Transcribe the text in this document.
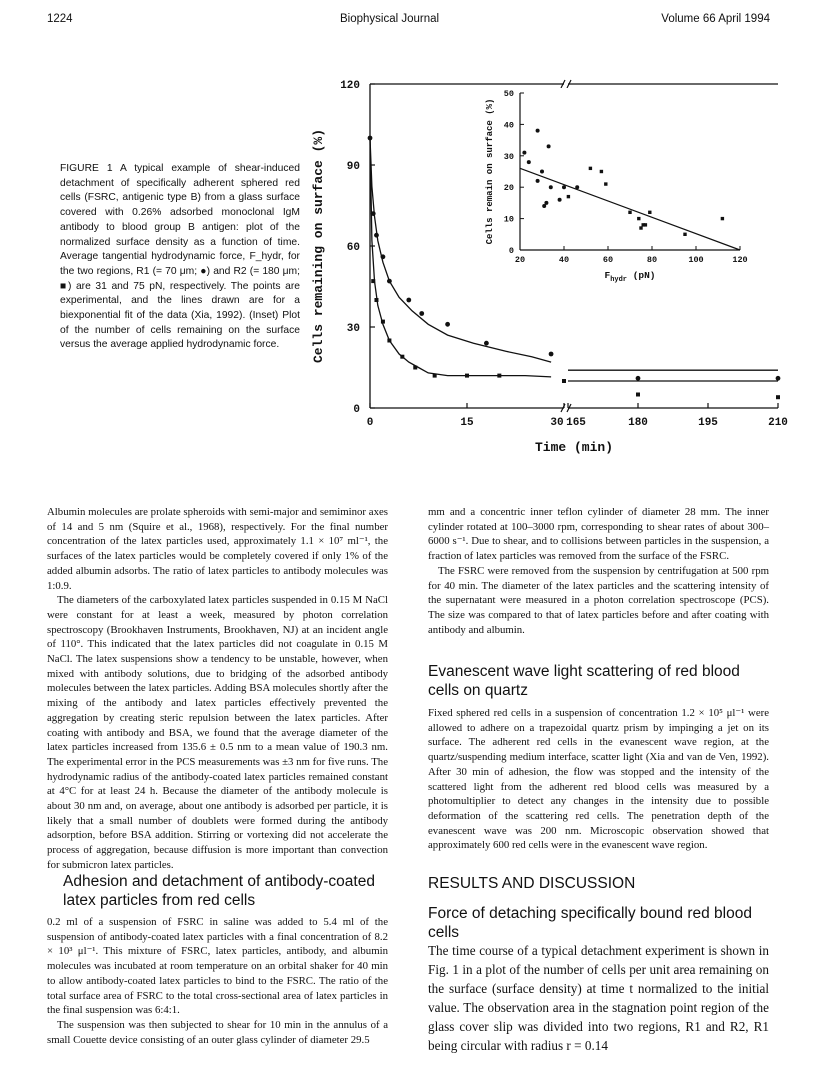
1224	Biophysical Journal	Volume 66 April 1994
FIGURE 1 A typical example of shear-induced detachment of specifically adherent sphered red cells (FSRC, antigenic type B) from a glass surface covered with 0.26% adsorbed monoclonal IgM antibody to blood group B antigen: plot of the normalized surface density as a function of time. Average tangential hydrodynamic force, F_hydr, for the two regions, R1 (= 70 μm; ●) and R2 (= 180 μm; ■) are 31 and 75 pN, respectively. The points are experimental, and the lines drawn are for a biexponential fit of the data (Xia, 1992). (Inset) Plot of the number of cells remaining on the surface versus the average applied hydrodynamic force.
0
30
60
90
120
0	15	30 165	180	195	210
Time (min)
Cells remaining on surface (%)	0
10
20
30
40
50
20	40	60	80	100	120
$F_{hydr}$ (pN)
Cells remain on surface (%)

Albumin molecules are prolate spheroids with semi-major and semiminor axes of 14 and 5 nm (Squire et al., 1968), respectively. For the final number concentration of the latex particles used, approximately 1.1 × 10⁷ ml⁻¹, the surfaces of the latex particles would be completely covered if only 1% of the added albumin adsorbs. The ratio of latex particles to antibody molecules was 1:0.9.

The diameters of the carboxylated latex particles suspended in 0.15 M NaCl were constant for at least a week, measured by photon correlation spectroscopy (Brookhaven Instruments, Brookhaven, NJ) at an incident angle of 110°. This indicated that the latex particles did not coagulate in 0.15 M NaCl. The latex suspensions show a tendency to be unstable, however, when mixed with antibody solutions, due to bridging of the adsorbed antibody molecules between the latex particles. Adding BSA molecules shortly after the mixing of the antibody and latex particles effectively prevented the aggregation by creating steric repulsion between the latex particles. After coating with antibody and BSA, we found that the average diameter of the latex particles increased from 135.6 ± 0.5 nm to a mean value of 190.3 nm. The experimental error in the PCS measurements was ±3 nm for five runs. The hydrodynamic radius of the antibody-coated latex particles remained constant at 4°C for at least 24 h. Because the diameter of the antibody molecule is about 30 nm and, on average, about one antibody is adsorbed per particle, it is likely that a small number of doublets were formed during the antibody adsorption, before BSA addition. Stirring or vortexing did not accelerate the process of aggregation, because diffusion is more important than convection for submicron latex particles.

Adhesion and detachment of antibody-coated latex particles from red cells

0.2 ml of a suspension of FSRC in saline was added to 5.4 ml of the suspension of antibody-coated latex particles with a final concentration of 8.2 × 10³ μl⁻¹. This mixture of FSRC, latex particles, antibody, and albumin molecules was incubated at room temperature on an orbital shaker for 40 min to allow antibody-coated latex particles to bind to the FSRC. The ratio of the total surface area of FSRC to the total cross-sectional area of latex particles in the final suspension was 6:4:1.

The suspension was then subjected to shear for 10 min in the annulus of a small Couette device consisting of an outer glass cylinder of diameter 29.5

mm and a concentric inner teflon cylinder of diameter 28 mm. The inner cylinder rotated at 100–3000 rpm, corresponding to shear rates of about 300–6000 s⁻¹. Due to shear, and to collisions between particles in the suspension, a fraction of latex particles was removed from the surface of the FSRC.

The FSRC were removed from the suspension by centrifugation at 500 rpm for 40 min. The diameter of the latex particles and the scattering intensity of the supernatant were measured in a photon correlation spectroscope (PCS). The size was compared to that of latex particles before and after coating with antibody and albumin.

Evanescent wave light scattering of red blood cells on quartz

Fixed sphered red cells in a suspension of concentration 1.2 × 10⁵ μl⁻¹ were allowed to adhere on a trapezoidal quartz prism by impinging a jet on its surface. The adherent red cells in the evanescent wave region, at the quartz/suspending medium interface, scatter light (Xia and van de Ven, 1992). After 30 min of adhesion, the flow was stopped and the intensity of the scattered light from the adherent red blood cells was measured by a photomultiplier to detect any changes in the intensity due to possible deformation of the scattering red cells. The penetration depth of the evanescent wave was 200 nm. Microscopic observation showed that approximately 600 red cells were in the evanescent wave region.

RESULTS AND DISCUSSION
Force of detaching specifically bound red blood cells
The time course of a typical detachment experiment is shown in Fig. 1 in a plot of the number of cells per unit area remaining on the surface (surface density) at time t normalized to the initial value. The observation area in the stagnation point region of the glass cover slip was divided into two regions, R1 and R2, R1 being circular with radius r = 0.14
